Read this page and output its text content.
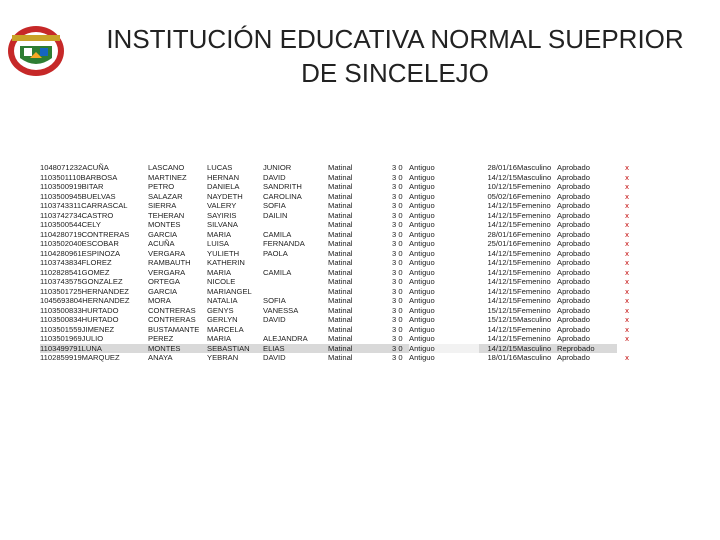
INSTITUCIÓN EDUCATIVA NORMAL SUEPRIOR
DE SINCELEJO
1048071232ACUÑA	LASCANO	LUCAS	JUNIOR	Matinal	3 0	Antiguo	28/01/16	Masculino	Aprobado	x
1103501110BARBOSA	MARTINEZ	HERNAN	DAVID	Matinal	3 0	Antiguo	14/12/15	Masculino	Aprobado	x
1103500919BITAR	PETRO	DANIELA	SANDRITH	Matinal	3 0	Antiguo	10/12/15	Femenino	Aprobado	x
1103500945BUELVAS	SALAZAR	NAYDETH	CAROLINA	Matinal	3 0	Antiguo	05/02/16	Femenino	Aprobado	x
1103743311CARRASCAL	SIERRA	VALERY	SOFIA	Matinal	3 0	Antiguo	14/12/15	Femenino	Aprobado	x
1103742734CASTRO	TEHERAN	SAYIRIS	DAILIN	Matinal	3 0	Antiguo	14/12/15	Femenino	Aprobado	x
1103500544CELY	MONTES	SILVANA		Matinal	3 0	Antiguo	14/12/15	Femenino	Aprobado	x
1104280719CONTRERAS	GARCIA	MARIA	CAMILA	Matinal	3 0	Antiguo	28/01/16	Femenino	Aprobado	x
1103502040ESCOBAR	ACUÑA	LUISA	FERNANDA	Matinal	3 0	Antiguo	25/01/16	Femenino	Aprobado	x
1104280961ESPINOZA	VERGARA	YULIETH	PAOLA	Matinal	3 0	Antiguo	14/12/15	Femenino	Aprobado	x
1103743834FLOREZ	RAMBAUTH	KATHERIN		Matinal	3 0	Antiguo	14/12/15	Femenino	Aprobado	x
1102828541GOMEZ	VERGARA	MARIA	CAMILA	Matinal	3 0	Antiguo	14/12/15	Femenino	Aprobado	x
1103743575GONZALEZ	ORTEGA	NICOLE		Matinal	3 0	Antiguo	14/12/15	Femenino	Aprobado	x
1103501725HERNANDEZ	GARCIA	MARIANGEL		Matinal	3 0	Antiguo	14/12/15	Femenino	Aprobado	x
1045693804HERNANDEZ	MORA	NATALIA	SOFIA	Matinal	3 0	Antiguo	14/12/15	Femenino	Aprobado	x
1103500833HURTADO	CONTRERAS	GENYS	VANESSA	Matinal	3 0	Antiguo	15/12/15	Femenino	Aprobado	x
1103500834HURTADO	CONTRERAS	GERLYN	DAVID	Matinal	3 0	Antiguo	15/12/15	Masculino	Aprobado	x
1103501559JIMENEZ	BUSTAMANTE	MARCELA		Matinal	3 0	Antiguo	14/12/15	Femenino	Aprobado	x
1103501969JULIO	PEREZ	MARIA	ALEJANDRA	Matinal	3 0	Antiguo	14/12/15	Femenino	Aprobado	x
1103499791LUNA	MONTES	SEBASTIAN	ELIAS	Matinal	3 0	Antiguo	14/12/15	Masculino	Reprobado	
1102859919MARQUEZ	ANAYA	YEBRAN	DAVID	Matinal	3 0	Antiguo	18/01/16	Masculino	Aprobado	x
